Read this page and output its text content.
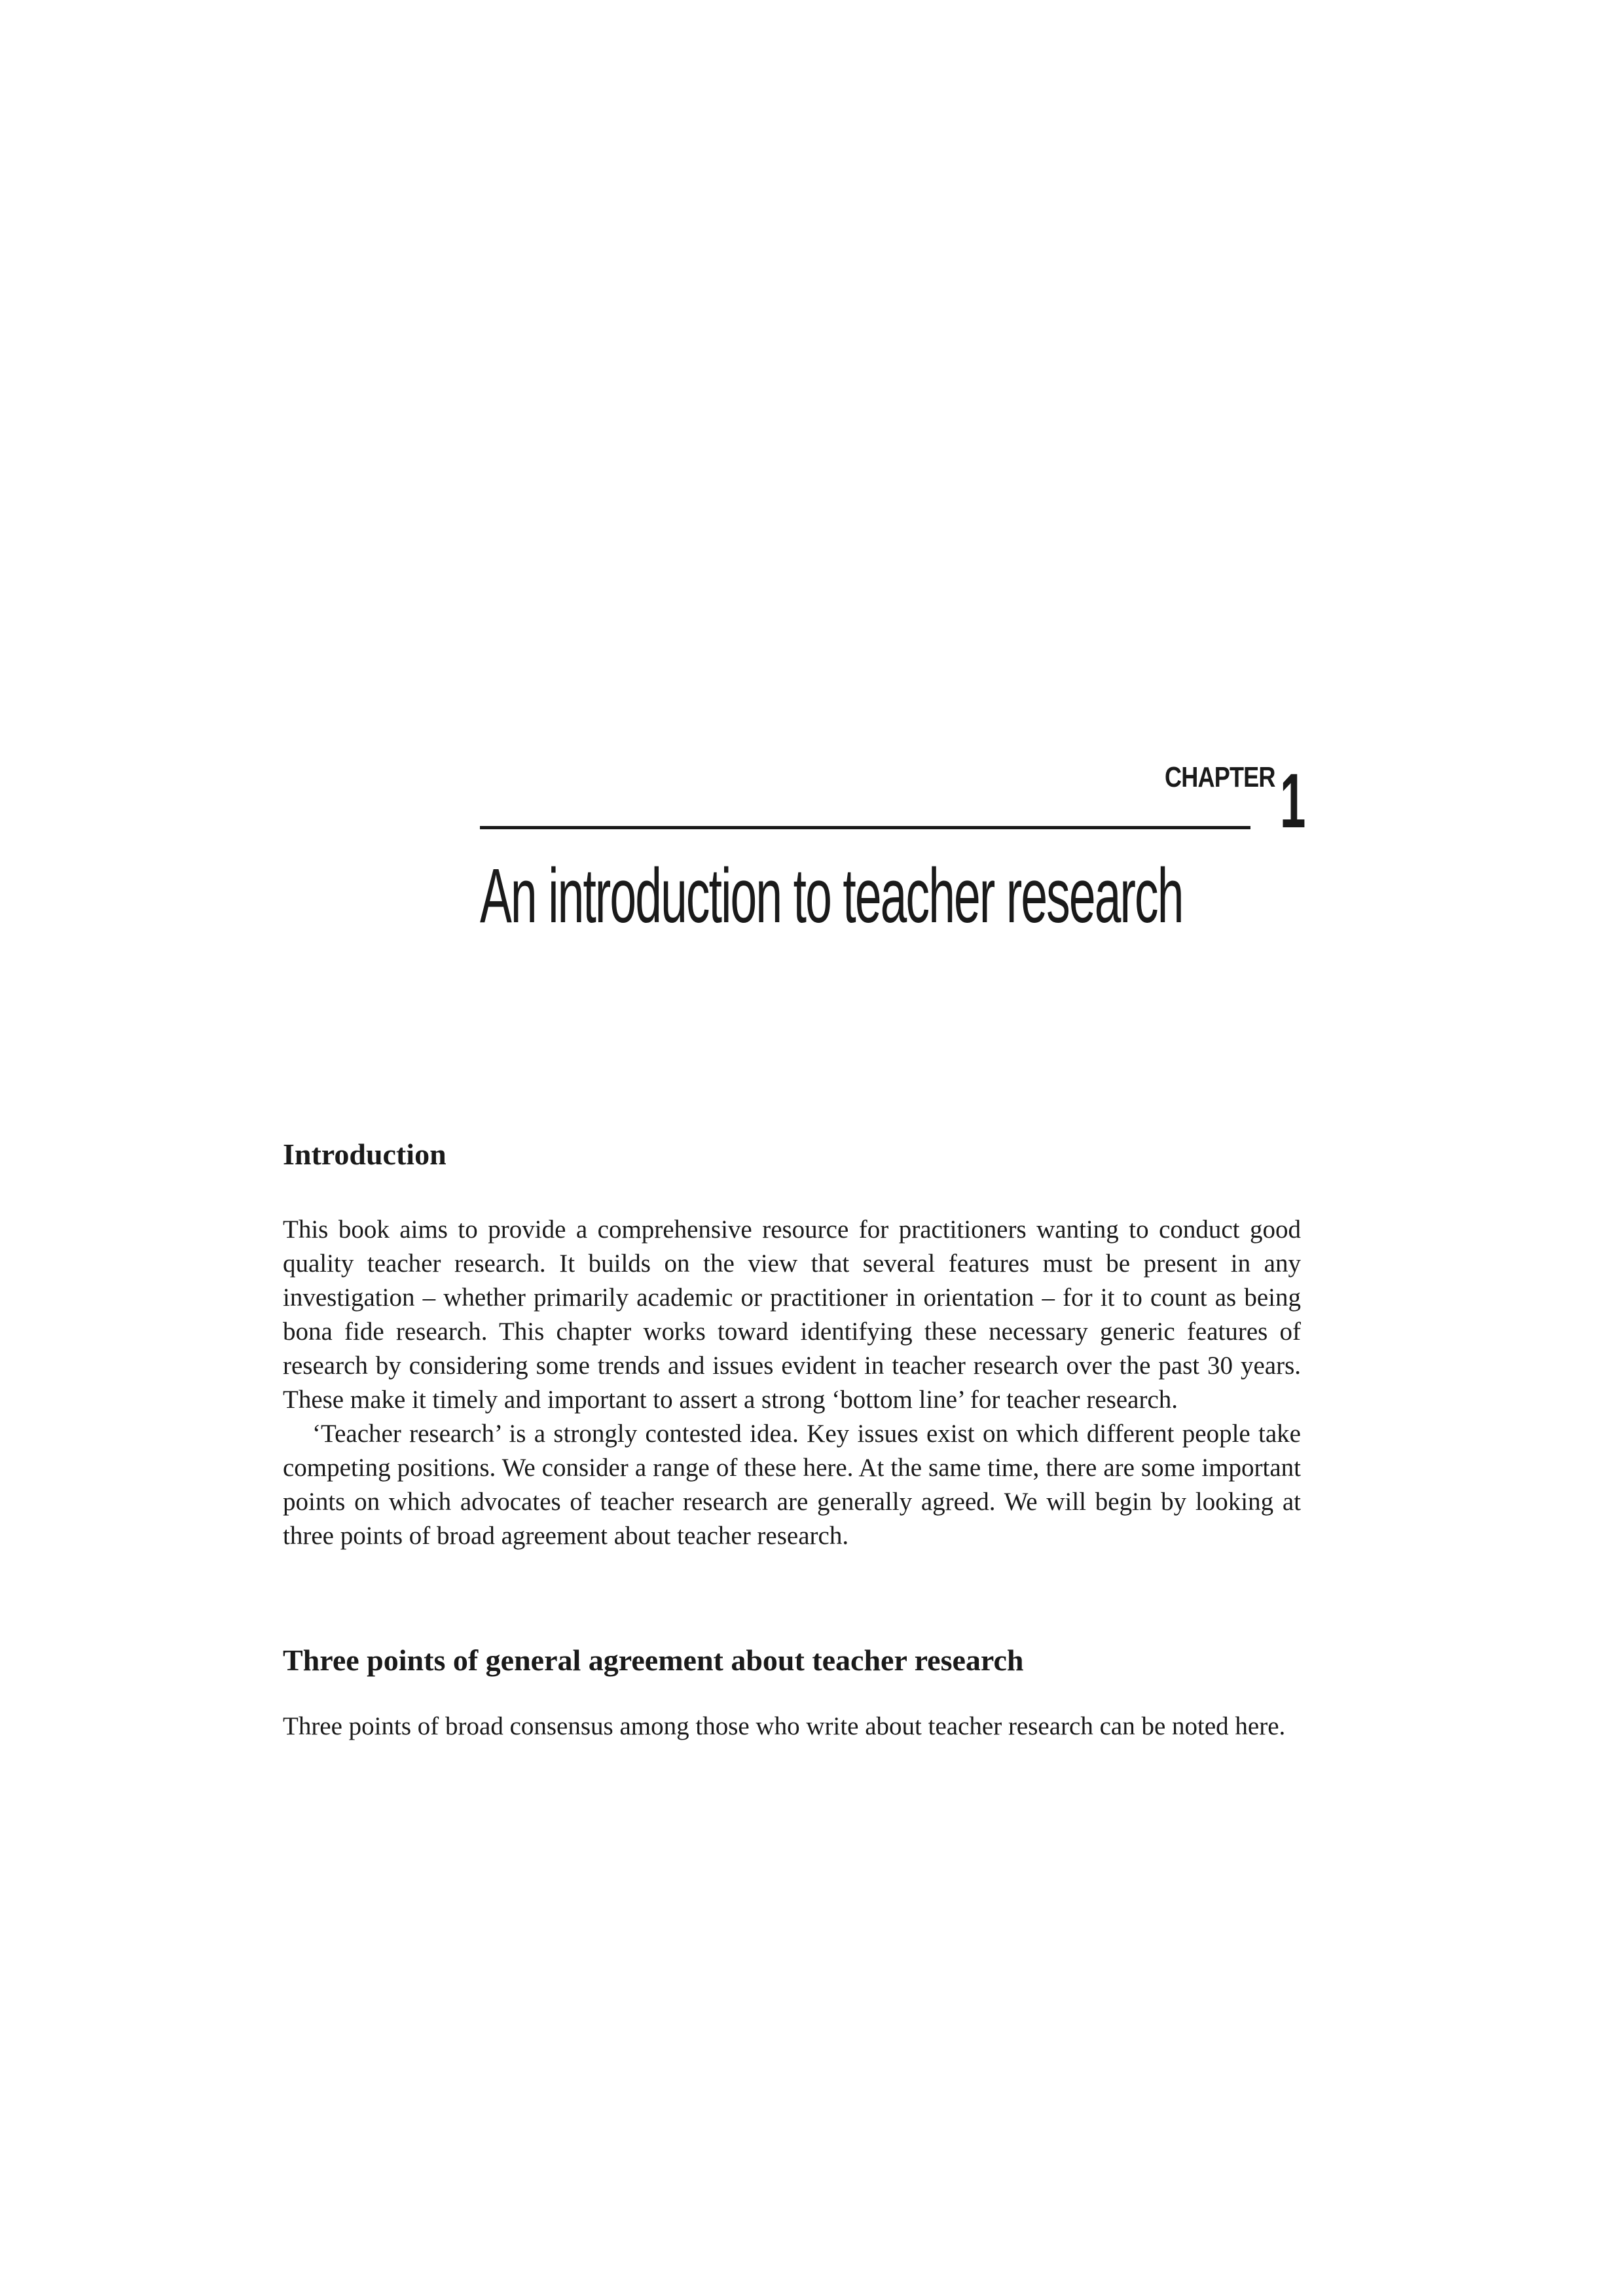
CHAPTER 1
An introduction to teacher research
Introduction

This book aims to provide a comprehensive resource for practitioners wanting to conduct good quality teacher research. It builds on the view that several features must be present in any investigation – whether primarily academic or practitioner in orientation – for it to count as being bona fide research. This chapter works toward identifying these necessary generic features of research by considering some trends and issues evident in teacher research over the past 30 years. These make it timely and important to assert a strong ‘bottom line’ for teacher research.

‘Teacher research’ is a strongly contested idea. Key issues exist on which different people take competing positions. We consider a range of these here. At the same time, there are some important points on which advocates of teacher research are generally agreed. We will begin by looking at three points of broad agreement about teacher research.

Three points of general agreement about teacher research

Three points of broad consensus among those who write about teacher research can be noted here.
